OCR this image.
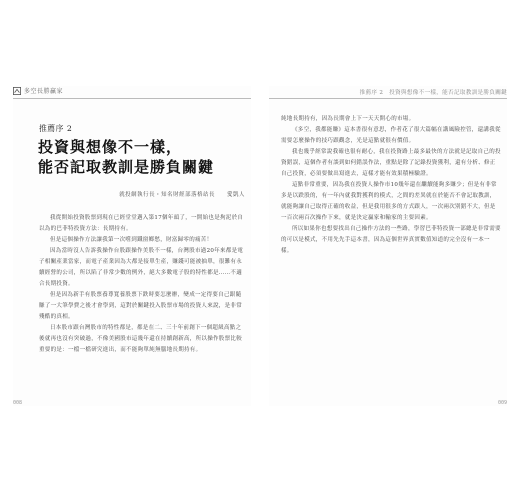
多空長勝贏家
推薦序 2
投資與想像不一樣，
能否記取教訓是勝負關鍵
就投網執行長・知名財經部落格站長　　愛凱人

我從開始投資股票到現在已經堂堂邁入第17個年頭了，一開始也是拘泥於自以為的巴菲特投資方法：長期持有。

但是這個操作方法讓我第一次嚐到鐵窗鄉愁，財富歸零的痛苦！

因為當時沒人告訴我操作台股跟操作美股不一樣，台灣股市過20年來都是電子相關產業當家，而電子產業因為大都是接單生產，賺錢可能被抽單，很難有永續經營的公司，所以陷了非常少數的例外，絕大多數電子股的特性都是……不適合長期投資。

但是因為新手有股票養尊寬養股票下跌時要怎麼辦，變成一定得要自己跟隨賺了一大筆學費之後才會學到，這對於關鍵投入股票市場的投資人來說，是非常殘酷的真相。

日本股市跟台灣股市的特性都是，都是在二、三十年前創下一個超級高點之後就再也沒有突破過，不像美國股市這幾年還在持續創新高，所以操作股票比較重要的是：一檔一檔研究進出，而不能夠單純無腦地長期持有。

008
推薦序 2　投資與想像不一樣，能否記取教訓是勝負關鍵

純地長期持有，因為長期會上下一天天開心的市場。

《多空，我都能賺》這本書很有意思，作者花了很大篇幅在講風險控管，還講我從需要怎麼操作的技巧跟觀念，光是這點就很有價值。

我也幾乎經常說我確也很有耐心，我在投資路上最多最快的方法就是記取自己的投資錯誤，這個作者有談到如何錯誤作法，重點是除了記錄投資獲利，還有分析、修正自己投資，必須要做出寫進去，這樣才能有效果積極驗證。

這點非常重要，因為我在投資人操作市10幾年還在繼續能夠多賺少；但是有非常多是以跌股的，有一年內就我對獲利的模式，之間的差異就在於能否不會記取教訓，就能夠讓自己取得正確的收益，但是我用很多的方式跟人，一次兩次別錯不大，但是一百次兩百次操作下來，就是決定贏家和輸家的主要因素。

所以如果你也想要找出自己操作方法的一些路，學習巴菲特投資一部總是非常需要的可以是模式，不用先先手這本書，因為這個世界真實數值知道的完全沒有一本一樣。

009
